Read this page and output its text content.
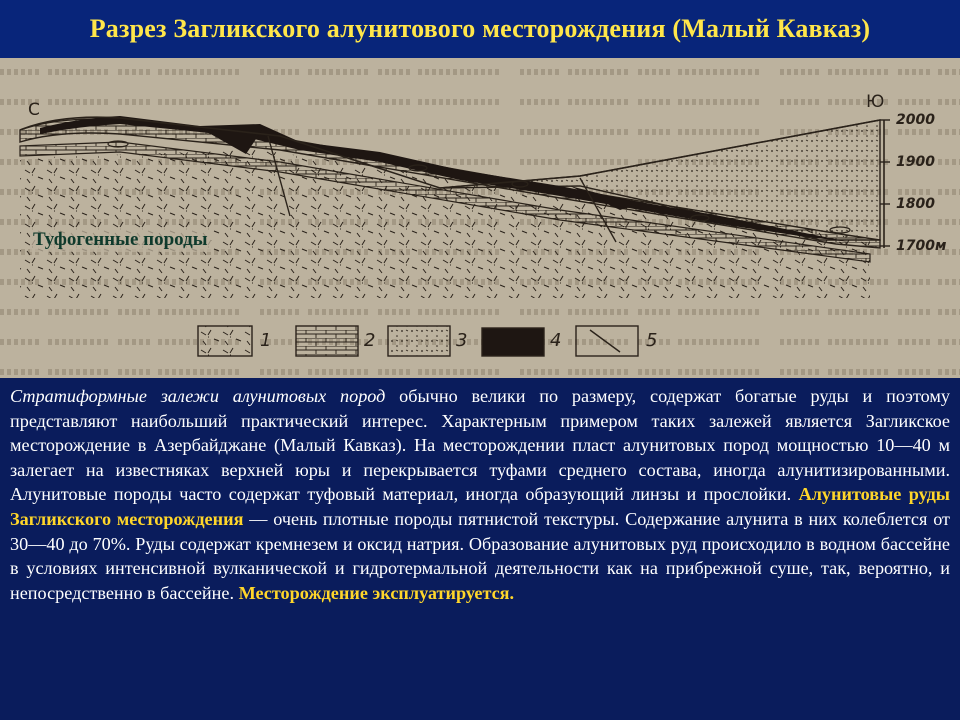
Разрез Загликского алунитового месторождения (Малый Кавказ)
С	Ю
2000
1900
1800
1700м
Туфогенные породы
1	2	3	4	5

Стратиформные залежи алунитовых пород обычно велики по размеру, содержат богатые руды и поэтому представляют наибольший практический интерес. Характерным примером таких залежей является Загликское месторождение в Азербайджане (Малый Кавказ). На месторождении пласт алунитовых пород мощностью 10—40 м залегает на известняках верхней юры и перекрывается туфами среднего состава, иногда алунитизированными. Алунитовые породы часто содержат туфовый материал, иногда образующий линзы и прослойки. Алунитовые руды Загликского месторождения — очень плотные породы пятнистой текстуры. Содержание алунита в них колеблется от 30—40 до 70%. Руды содержат кремнезем и оксид натрия. Образование алунитовых руд происходило в водном бассейне в условиях интенсивной вулканической и гидротермальной деятельности как на прибрежной суше, так, вероятно, и непосредственно в бассейне. Месторождение эксплуатируется.
